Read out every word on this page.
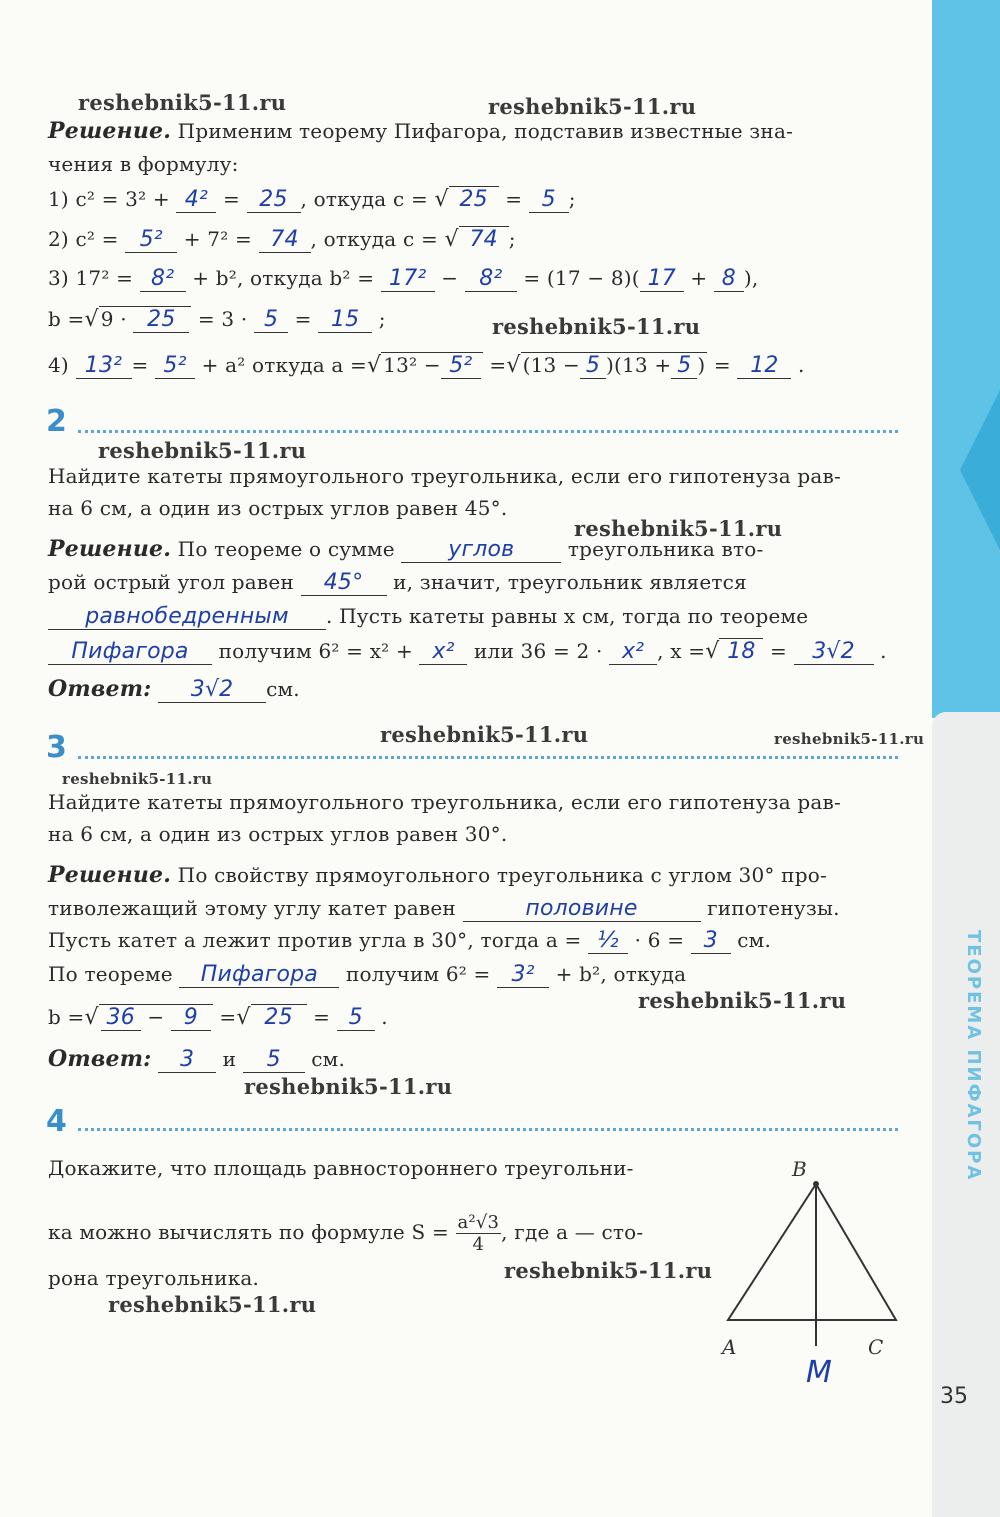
ТЕОРЕМА ПИФАГОРА
35
reshebnik5-11.ru	reshebnik5-11.ru
reshebnik5-11.ru
reshebnik5-11.ru
reshebnik5-11.ru
reshebnik5-11.ru	reshebnik5-11.ru
reshebnik5-11.ru
reshebnik5-11.ru
reshebnik5-11.ru
reshebnik5-11.ru
reshebnik5-11.ru
Решение. Применим теорему Пифагора, подставив известные зна-
чения в формулу:
1) c² = 3² + 4² = 25 , откуда c = √ 25 = 5 ;
2) c² = 5² + 7² = 74 , откуда c = √ 74 ;
3) 17² = 8² + b², откуда b² = 17² − 8² = (17 − 8)( 17 + 8 ),
b =√ 9 · 25 = 3 · 5 = 15 ;
4) 13² = 5² + a² откуда a =√ 13² − 5² =√ (13 − 5 )(13 + 5 ) = 12 .
2
Найдите катеты прямоугольного треугольника, если его гипотенуза рав-
на 6 см, а один из острых углов равен 45°.
Решение. По теореме о сумме углов	треугольника вто-
рой острый угол равен 45° и, значит, треугольник является
равнобедренным . Пусть катеты равны x см, тогда по теореме
Пифагора получим 6² = x² + x² или 36 = 2 · x² , x =√ 18 = 3√2 .
Ответ: 3√2 см.
3
Найдите катеты прямоугольного треугольника, если его гипотенуза рав-
на 6 см, а один из острых углов равен 30°.
Решение. По свойству прямоугольного треугольника с углом 30° про-
тиволежащий этому углу катет равен	половине	гипотенузы.
Пусть катет a лежит против угла в 30°, тогда a = ½ · 6 = 3 см.
По теореме Пифагора получим 6² = 3² + b², откуда
b =√ 36 − 9 =√ 25 = 5 .
Ответ: 3 и 5 см.
4
Докажите, что площадь равностороннего треугольни-
ка можно вычислять по формуле $S = \frac{\text{a²√3}}{4}$ , где a — сто-
рона треугольника.
B
A	C
M
